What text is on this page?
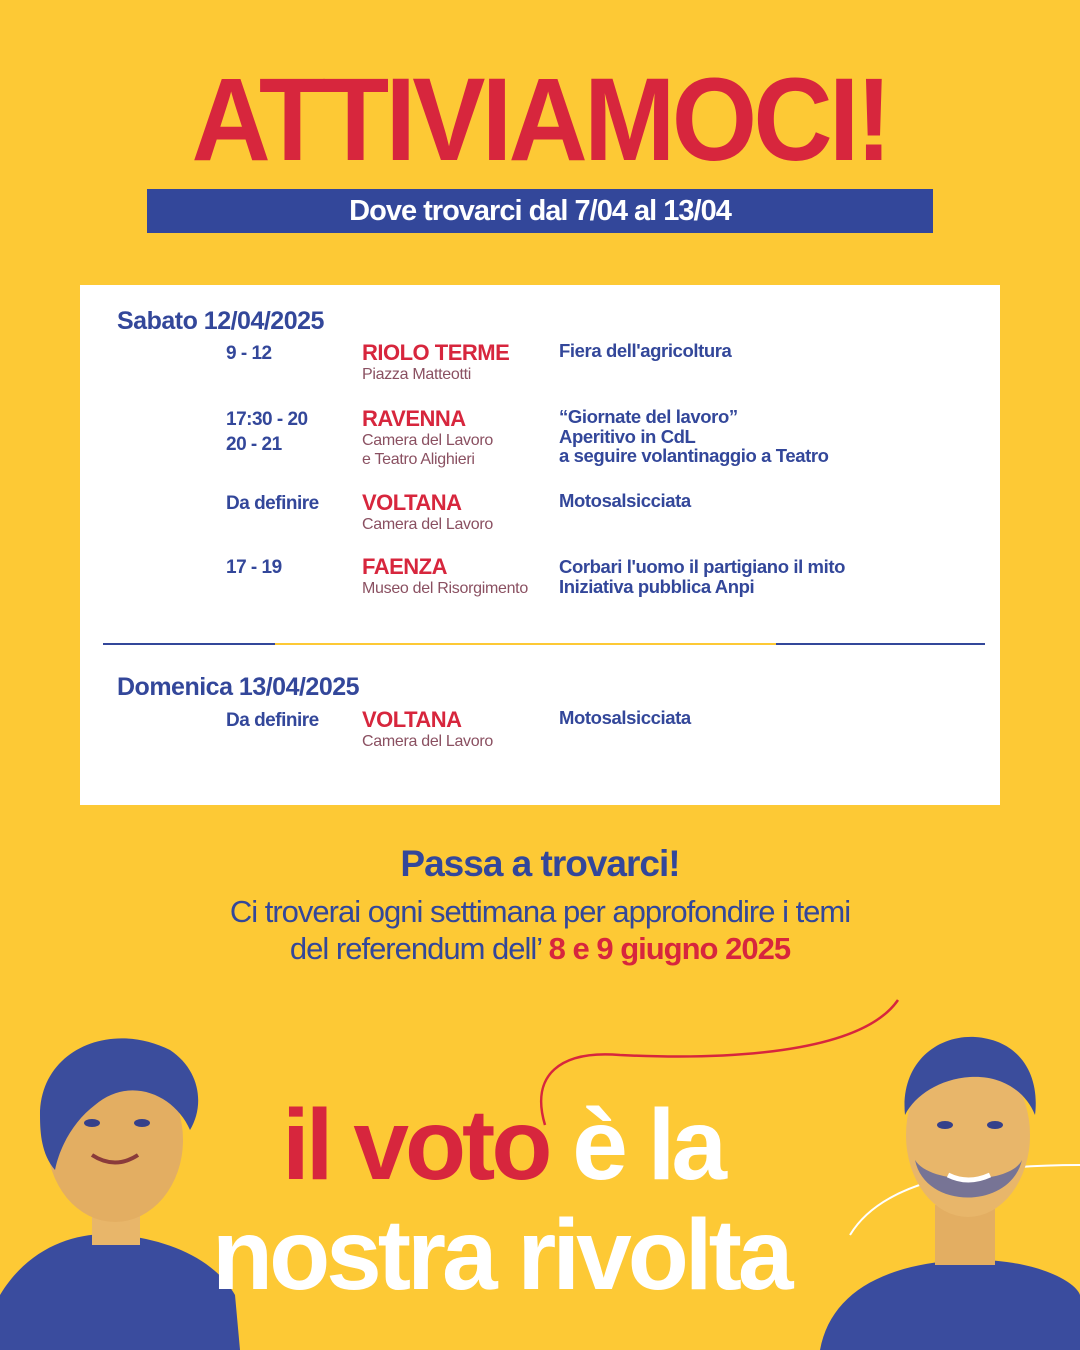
ATTIVIAMOCI!
Dove trovarci dal 7/04 al 13/04
Sabato 12/04/2025
9 - 12	RIOLO TERME
Piazza Matteotti
Fiera dell'agricoltura
17:30 - 20
20 - 21
RAVENNA
Camera del Lavoro
e Teatro Alighieri
“Giornate del lavoro”
Aperitivo in CdL
a seguire volantinaggio a Teatro
Da definire VOLTANA
Camera del Lavoro
Motosalsicciata
17 - 19	FAENZA
Museo del Risorgimento
Corbari l'uomo il partigiano il mito
Iniziativa pubblica Anpi
Domenica 13/04/2025
Da definire VOLTANA
Camera del Lavoro
Motosalsicciata
Passa a trovarci!
Ci troverai ogni settimana per approfondire i temi
del referendum dell’ 8 e 9 giugno 2025
il voto è la
nostra rivolta
